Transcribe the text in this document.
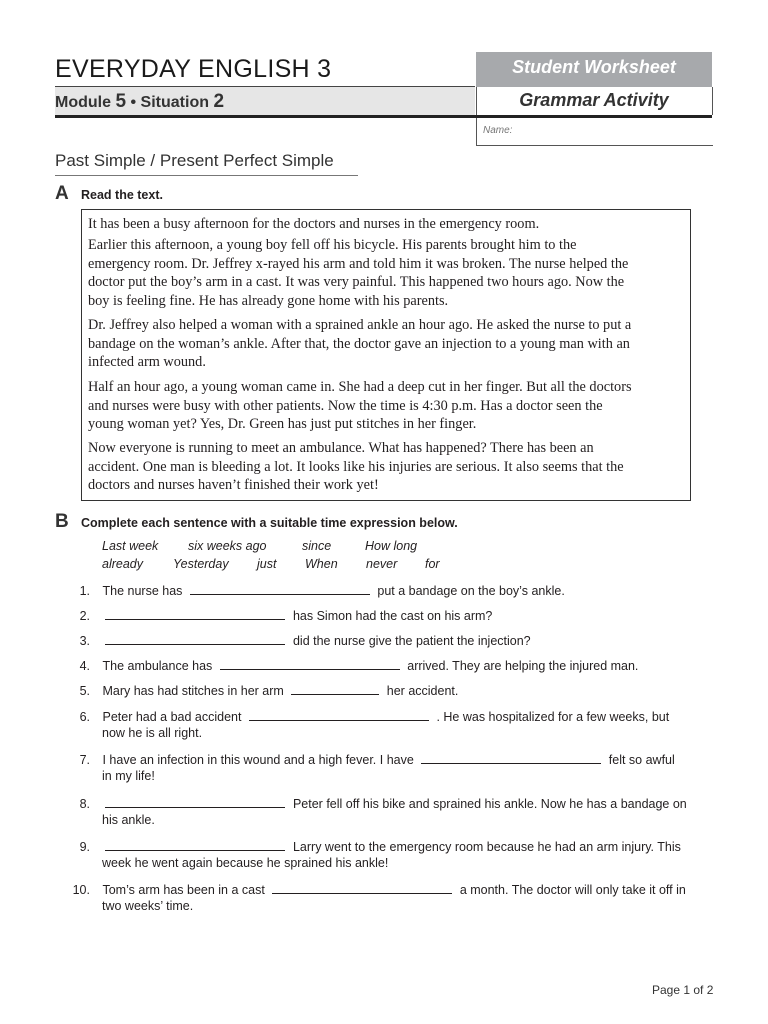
EVERYDAY ENGLISH 3
Module 5 • Situation 2
Student Worksheet
Grammar Activity
Name:
Past Simple / Present Perfect Simple
A Read the text.
It has been a busy afternoon for the doctors and nurses in the emergency room.
Earlier this afternoon, a young boy fell off his bicycle. His parents brought him to the
emergency room. Dr. Jeffrey x-rayed his arm and told him it was broken. The nurse helped the
doctor put the boy’s arm in a cast. It was very painful. This happened two hours ago. Now the
boy is feeling fine. He has already gone home with his parents.
Dr. Jeffrey also helped a woman with a sprained ankle an hour ago. He asked the nurse to put a
bandage on the woman’s ankle. After that, the doctor gave an injection to a young man with an
infected arm wound.
Half an hour ago, a young woman came in. She had a deep cut in her finger. But all the doctors
and nurses were busy with other patients. Now the time is 4:30 p.m. Has a doctor seen the
young woman yet? Yes, Dr. Green has just put stitches in her finger.
Now everyone is running to meet an ambulance. What has happened? There has been an
accident. One man is bleeding a lot. It looks like his injuries are serious. It also seems that the
doctors and nurses haven’t finished their work yet!
B Complete each sentence with a suitable time expression below.
Last week six weeks ago	since	How long
already Yesterday just When never for
1. The nurse has	put a bandage on the boy’s ankle.
2.	has Simon had the cast on his arm?
3.	did the nurse give the patient the injection?
4. The ambulance has	arrived. They are helping the injured man.
5. Mary has had stitches in her arm	her accident.
6. Peter had a bad accident	. He was hospitalized for a few weeks, but
now he is all right.
7. I have an infection in this wound and a high fever. I have	felt so awful
in my life!
8.	Peter fell off his bike and sprained his ankle. Now he has a bandage on
his ankle.
9.	Larry went to the emergency room because he had an arm injury. This
week he went again because he sprained his ankle!
10. Tom’s arm has been in a cast	a month. The doctor will only take it off in
two weeks’ time.
Page 1 of 2
